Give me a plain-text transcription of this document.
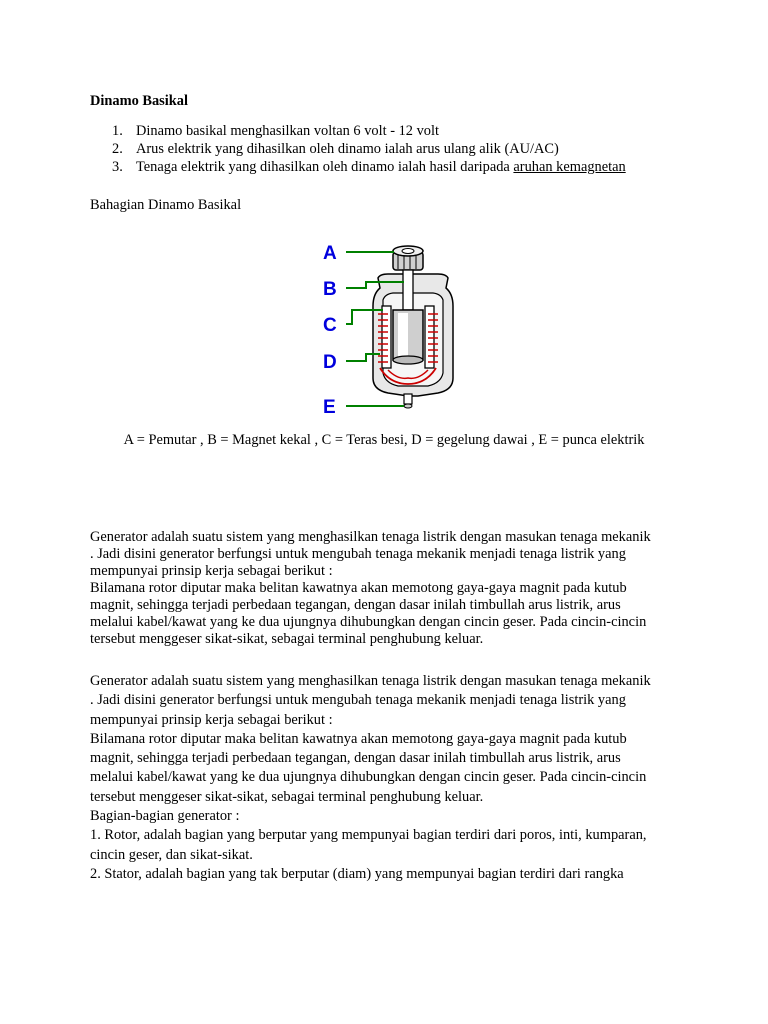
Dinamo Basikal
1. Dinamo basikal menghasilkan voltan 6 volt - 12 volt
2. Arus elektrik yang dihasilkan oleh dinamo ialah arus ulang alik (AU/AC)
3. Tenaga elektrik yang dihasilkan oleh dinamo ialah hasil daripada aruhan kemagnetan
Bahagian Dinamo Basikal
A
B
C
D
E
A = Pemutar , B = Magnet kekal , C = Teras besi, D = gegelung dawai , E = punca elektrik
Generator adalah suatu sistem yang menghasilkan tenaga listrik dengan masukan tenaga mekanik
. Jadi disini generator berfungsi untuk mengubah tenaga mekanik menjadi tenaga listrik yang
mempunyai prinsip kerja sebagai berikut :
Bilamana rotor diputar maka belitan kawatnya akan memotong gaya-gaya magnit pada kutub
magnit, sehingga terjadi perbedaan tegangan, dengan dasar inilah timbullah arus listrik, arus
melalui kabel/kawat yang ke dua ujungnya dihubungkan dengan cincin geser. Pada cincin-cincin
tersebut menggeser sikat-sikat, sebagai terminal penghubung keluar.
Generator adalah suatu sistem yang menghasilkan tenaga listrik dengan masukan tenaga mekanik
. Jadi disini generator berfungsi untuk mengubah tenaga mekanik menjadi tenaga listrik yang
mempunyai prinsip kerja sebagai berikut :
Bilamana rotor diputar maka belitan kawatnya akan memotong gaya-gaya magnit pada kutub
magnit, sehingga terjadi perbedaan tegangan, dengan dasar inilah timbullah arus listrik, arus
melalui kabel/kawat yang ke dua ujungnya dihubungkan dengan cincin geser. Pada cincin-cincin
tersebut menggeser sikat-sikat, sebagai terminal penghubung keluar.
Bagian-bagian generator :
1. Rotor, adalah bagian yang berputar yang mempunyai bagian terdiri dari poros, inti, kumparan,
cincin geser, dan sikat-sikat.
2. Stator, adalah bagian yang tak berputar (diam) yang mempunyai bagian terdiri dari rangka
